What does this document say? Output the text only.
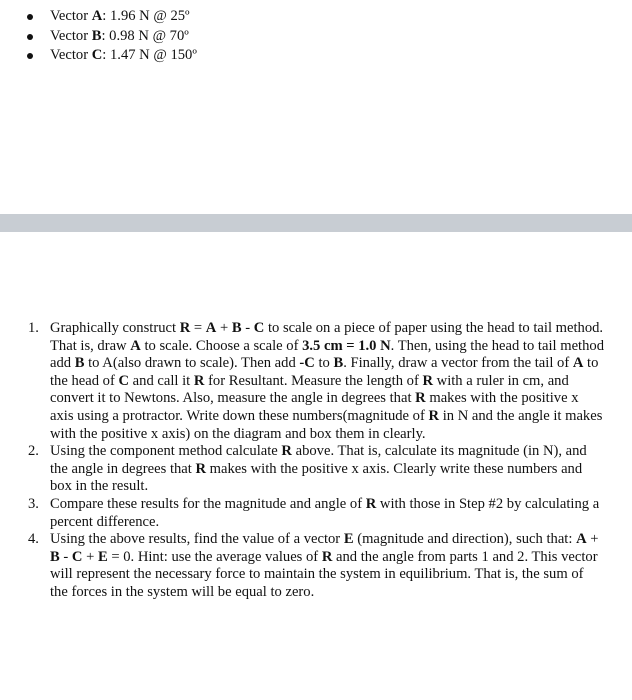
Vector A: 1.96 N @ 25º
Vector B: 0.98 N @ 70º
Vector C: 1.47 N @ 150º
1. Graphically construct R = A + B - C to scale on a piece of paper using the head to tail method. That is, draw A to scale. Choose a scale of 3.5 cm = 1.0 N. Then, using the head to tail method add B to A(also drawn to scale). Then add -C to B. Finally, draw a vector from the tail of A to the head of C and call it R for Resultant. Measure the length of R with a ruler in cm, and convert it to Newtons. Also, measure the angle in degrees that R makes with the positive x axis using a protractor. Write down these numbers(magnitude of R in N and the angle it makes with the positive x axis) on the diagram and box them in clearly.
2. Using the component method calculate R above. That is, calculate its magnitude (in N), and the angle in degrees that R makes with the positive x axis. Clearly write these numbers and box in the result.
3. Compare these results for the magnitude and angle of R with those in Step #2 by calculating a percent difference.
4. Using the above results, find the value of a vector E (magnitude and direction), such that: A + B - C + E = 0. Hint: use the average values of R and the angle from parts 1 and 2. This vector will represent the necessary force to maintain the system in equilibrium. That is, the sum of the forces in the system will be equal to zero.
